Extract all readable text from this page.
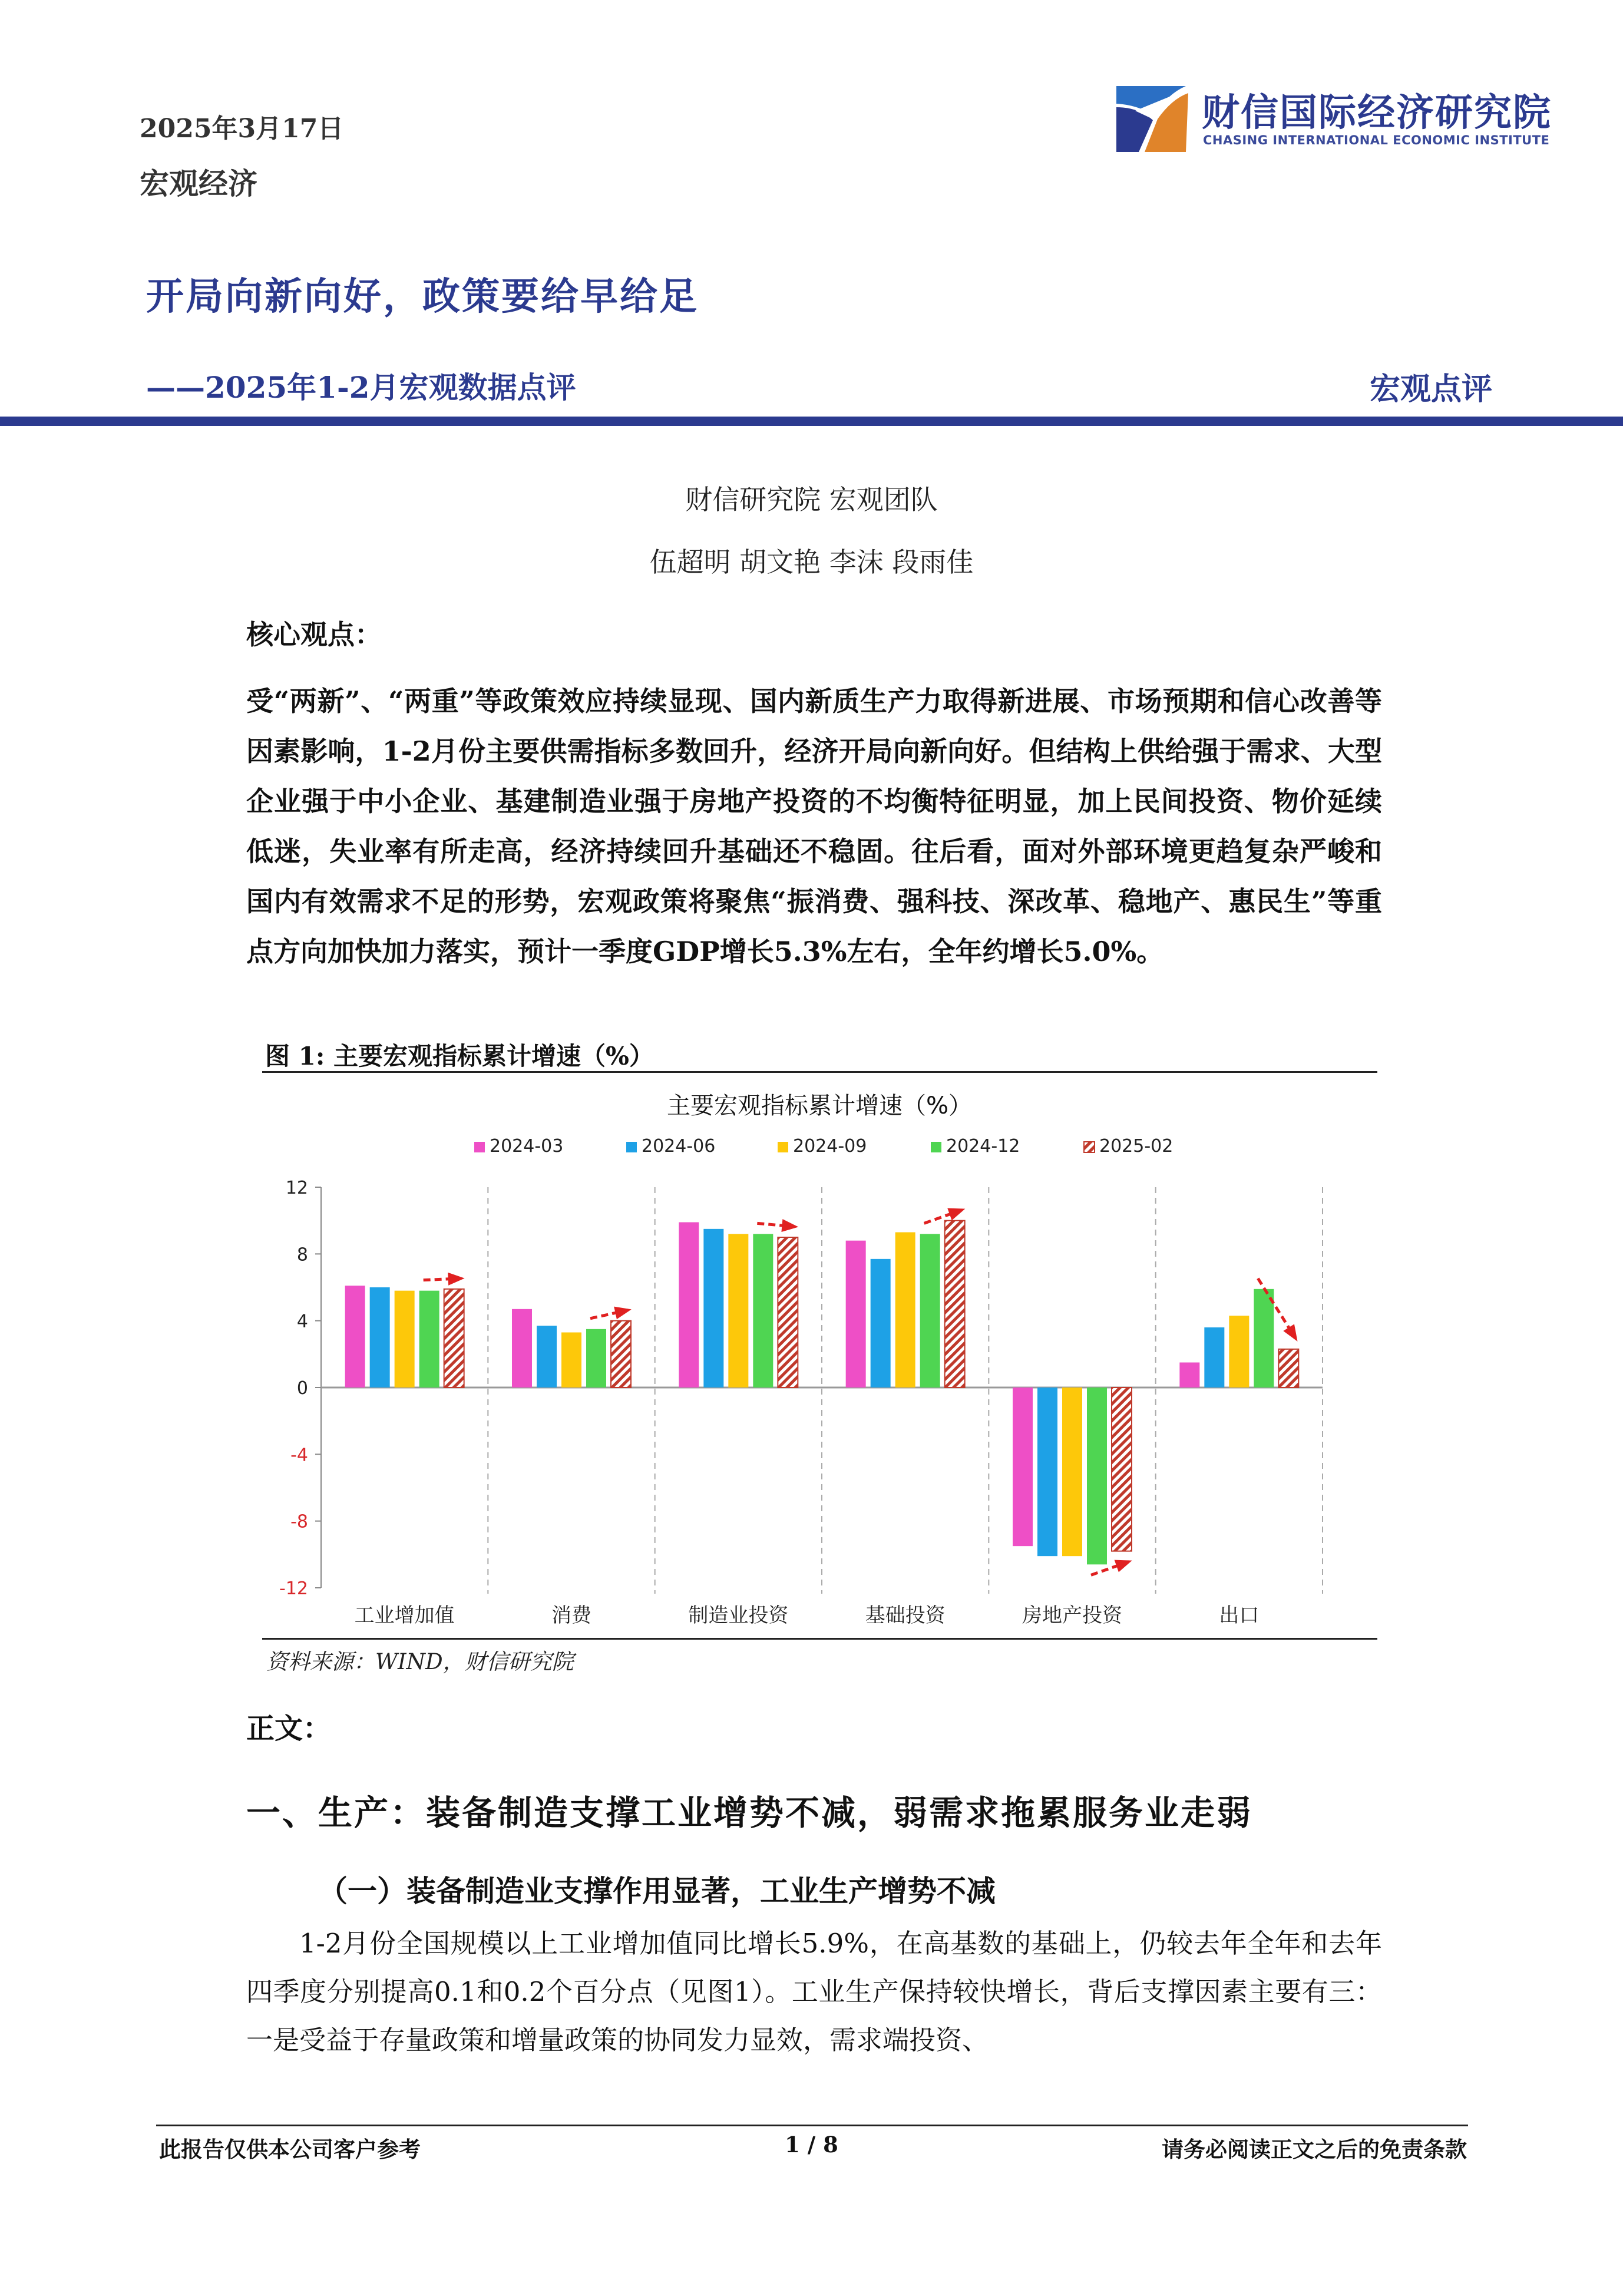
2025年3月17日
宏观经济
财信国际经济研究院
CHASING INTERNATIONAL ECONOMIC INSTITUTE
开局向新向好，政策要给早给足
——2025年1-2月宏观数据点评	宏观点评
财信研究院 宏观团队
伍超明 胡文艳 李沫 段雨佳
核心观点：
受“两新”、“两重”等政策效应持续显现、国内新质生产力取得新进展、市场预期和信心改善等因素影响，1-2月份主要供需指标多数回升，经济开局向新向好。但结构上供给强于需求、大型企业强于中小企业、基建制造业强于房地产投资的不均衡特征明显，加上民间投资、物价延续低迷，失业率有所走高，经济持续回升基础还不稳固。往后看，面对外部环境更趋复杂严峻和国内有效需求不足的形势，宏观政策将聚焦“振消费、强科技、深改革、稳地产、惠民生”等重点方向加快加力落实，预计一季度GDP增长5.3%左右，全年约增长5.0%。
图 1: 主要宏观指标累计增速（%）
主要宏观指标累计增速（%）
2024-03	2024-06	2024-09	2024-12	2025-02
12
8
4
0
-4
-8
-12
工业增加值	消费	制造业投资	基础投资	房地产投资	出口
资料来源：WIND，财信研究院
正文：
一、生产：装备制造支撑工业增势不减，弱需求拖累服务业走弱
（一）装备制造业支撑作用显著，工业生产增势不减
1-2月份全国规模以上工业增加值同比增长5.9%，在高基数的基础上，仍较去年全年和去年四季度分别提高0.1和0.2个百分点（见图1）。工业生产保持较快增长，背后支撑因素主要有三：一是受益于存量政策和增量政策的协同发力显效，需求端投资、
此报告仅供本公司客户参考	1 / 8	请务必阅读正文之后的免责条款
